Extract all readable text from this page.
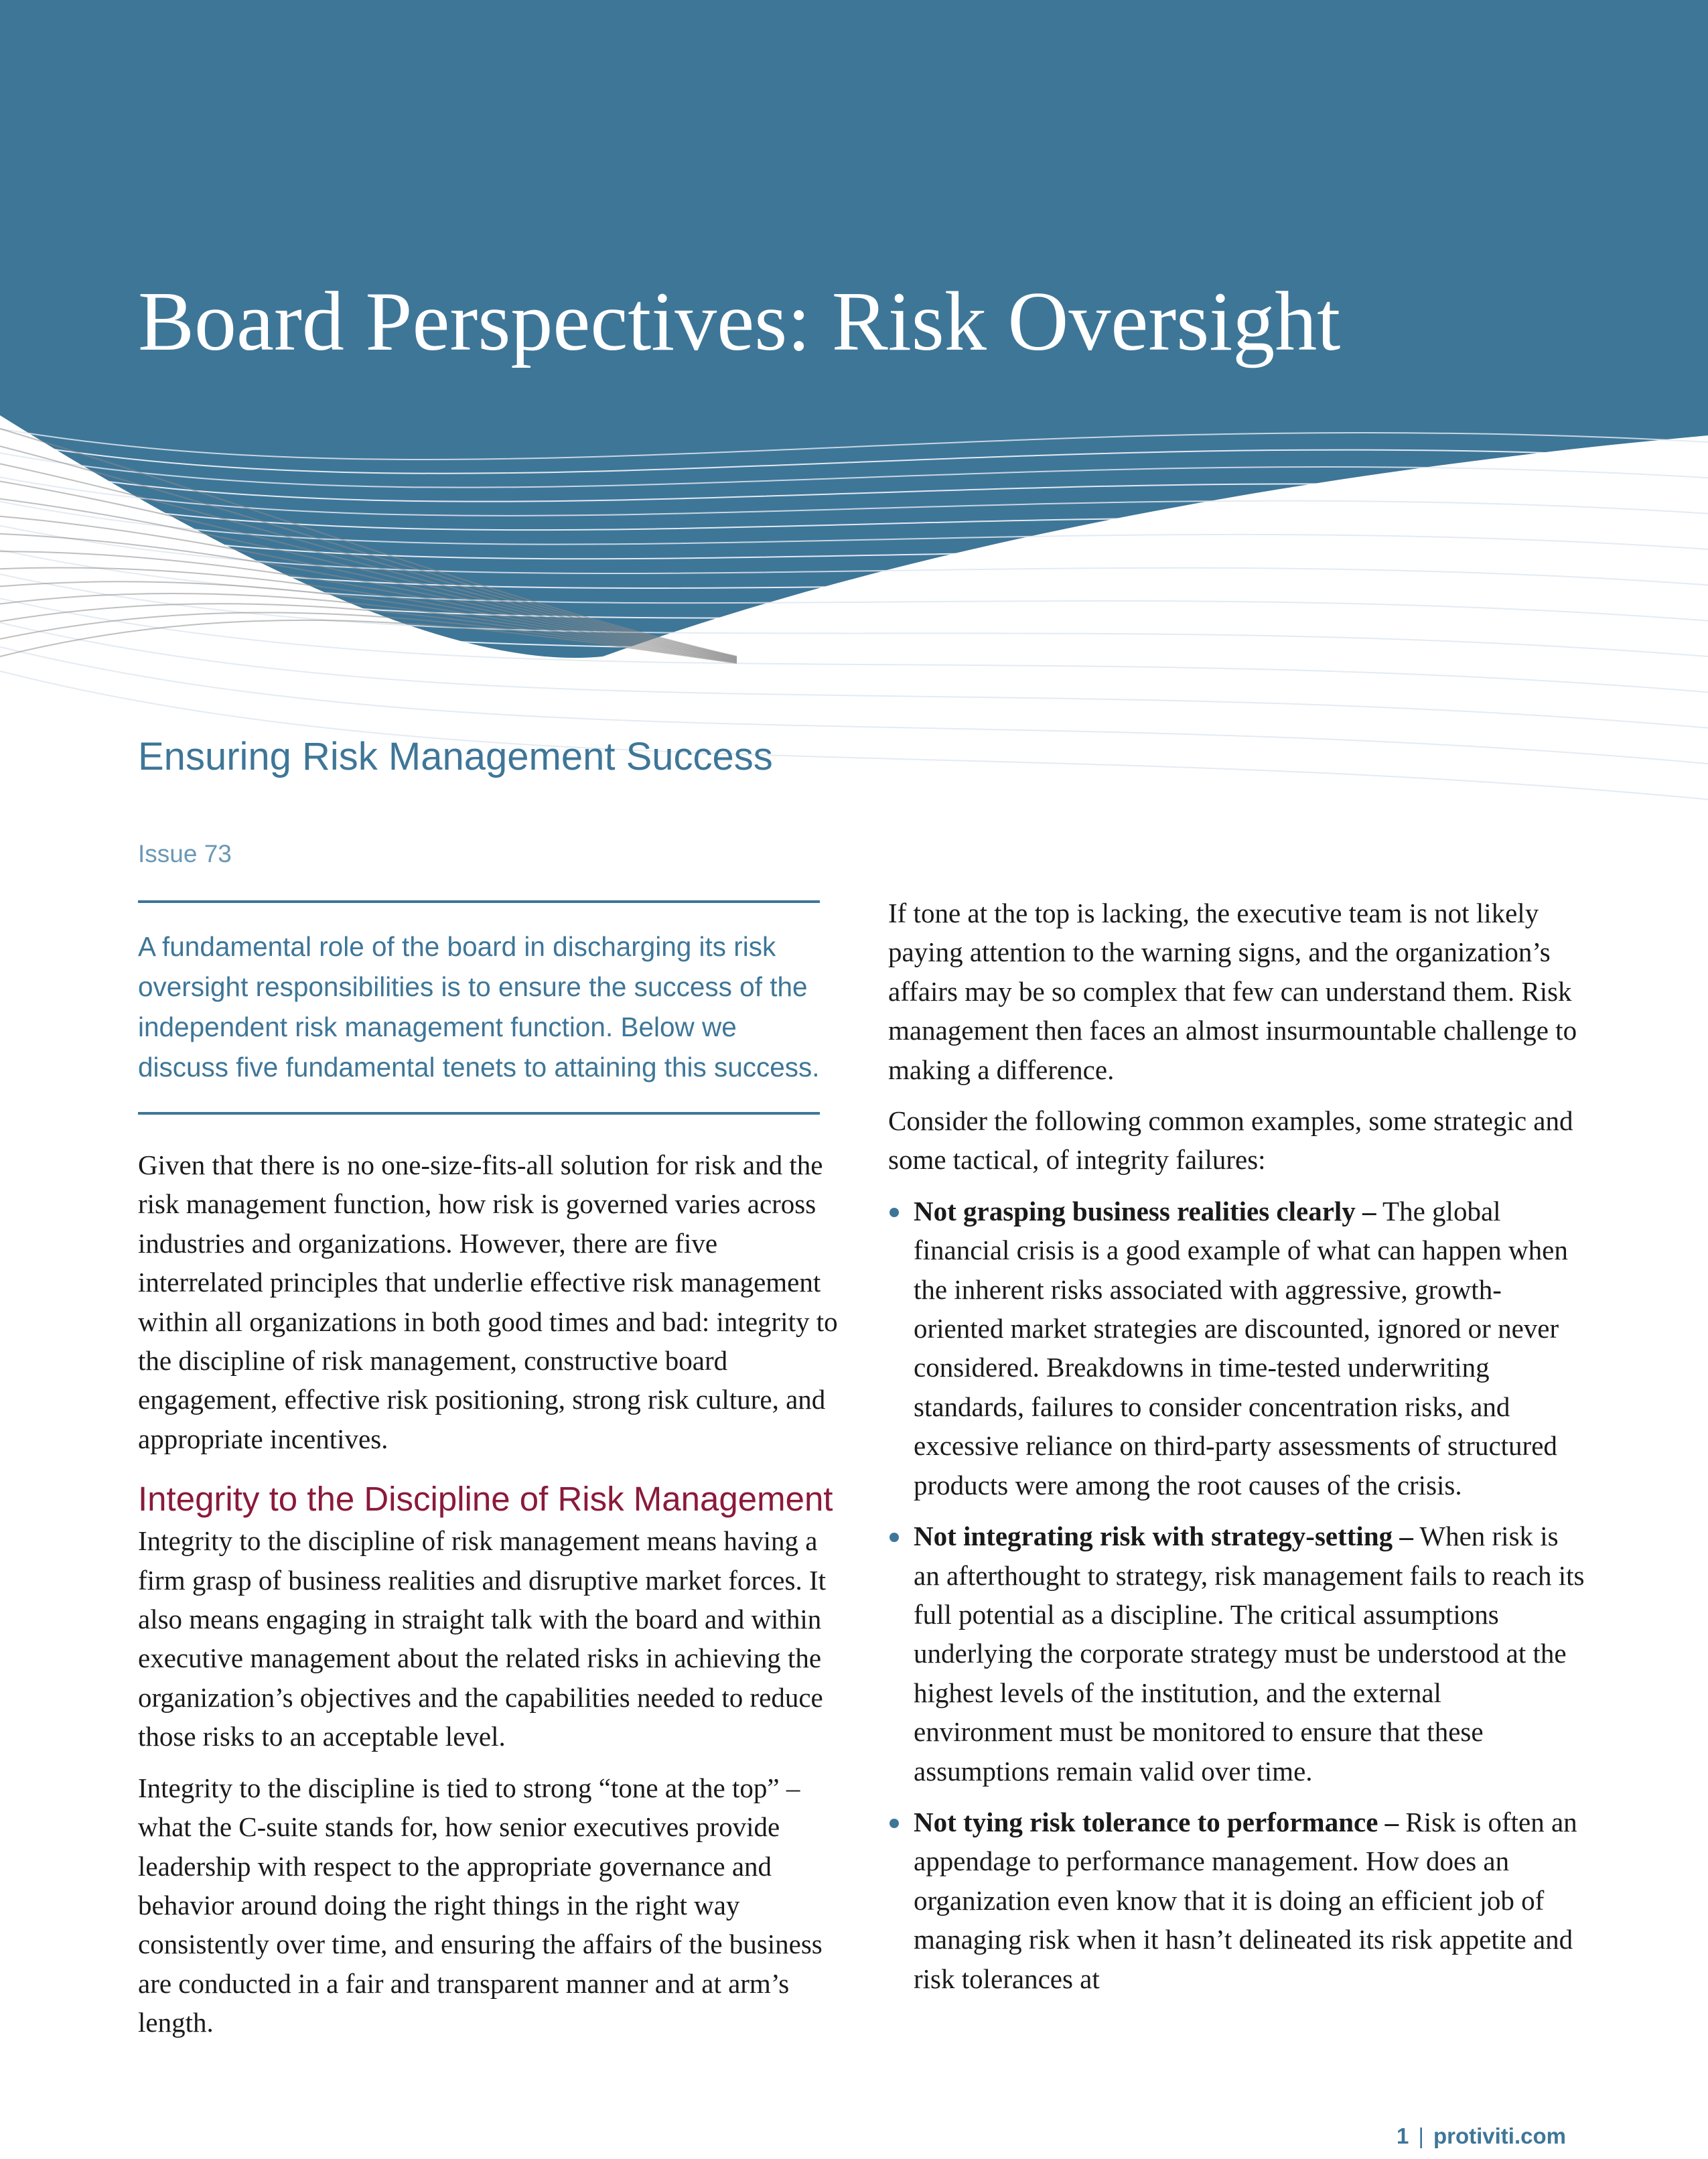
Board Perspectives: Risk Oversight
Ensuring Risk Management Success
Issue 73

A fundamental role of the board in discharging its risk oversight responsibilities is to ensure the success of the independent risk management function. Below we discuss five fundamental tenets to attaining this success.

Given that there is no one-size-fits-all solution for risk and the risk management function, how risk is governed varies across industries and organizations. However, there are five interrelated principles that underlie effective risk management within all organizations in both good times and bad: integrity to the discipline of risk management, constructive board engagement, effective risk positioning, strong risk culture, and appropriate incentives.

Integrity to the Discipline of Risk Management

Integrity to the discipline of risk management means having a firm grasp of business realities and disruptive market forces. It also means engaging in straight talk with the board and within executive management about the related risks in achieving the organization’s objectives and the capabilities needed to reduce those risks to an acceptable level.

Integrity to the discipline is tied to strong “tone at the top” – what the C-suite stands for, how senior executives provide leadership with respect to the appropriate governance and behavior around doing the right things in the right way consistently over time, and ensuring the affairs of the business are conducted in a fair and transparent manner and at arm’s length.

If tone at the top is lacking, the executive team is not likely paying attention to the warning signs, and the organization’s affairs may be so complex that few can understand them. Risk management then faces an almost insurmountable challenge to making a difference.

Consider the following common examples, some strategic and some tactical, of integrity failures:

Not grasping business realities clearly – The global financial crisis is a good example of what can happen when the inherent risks associated with aggressive, growth-oriented market strategies are discounted, ignored or never considered. Breakdowns in time-tested underwriting standards, failures to consider concentration risks, and excessive reliance on third-party assessments of structured products were among the root causes of the crisis.
Not integrating risk with strategy-setting – When risk is an afterthought to strategy, risk management fails to reach its full potential as a discipline. The critical assumptions underlying the corporate strategy must be understood at the highest levels of the institution, and the external environment must be monitored to ensure that these assumptions remain valid over time.
Not tying risk tolerance to performance – Risk is often an appendage to performance management. How does an organization even know that it is doing an efficient job of managing risk when it hasn’t delineated its risk appetite and risk tolerances at
1 | protiviti.com
